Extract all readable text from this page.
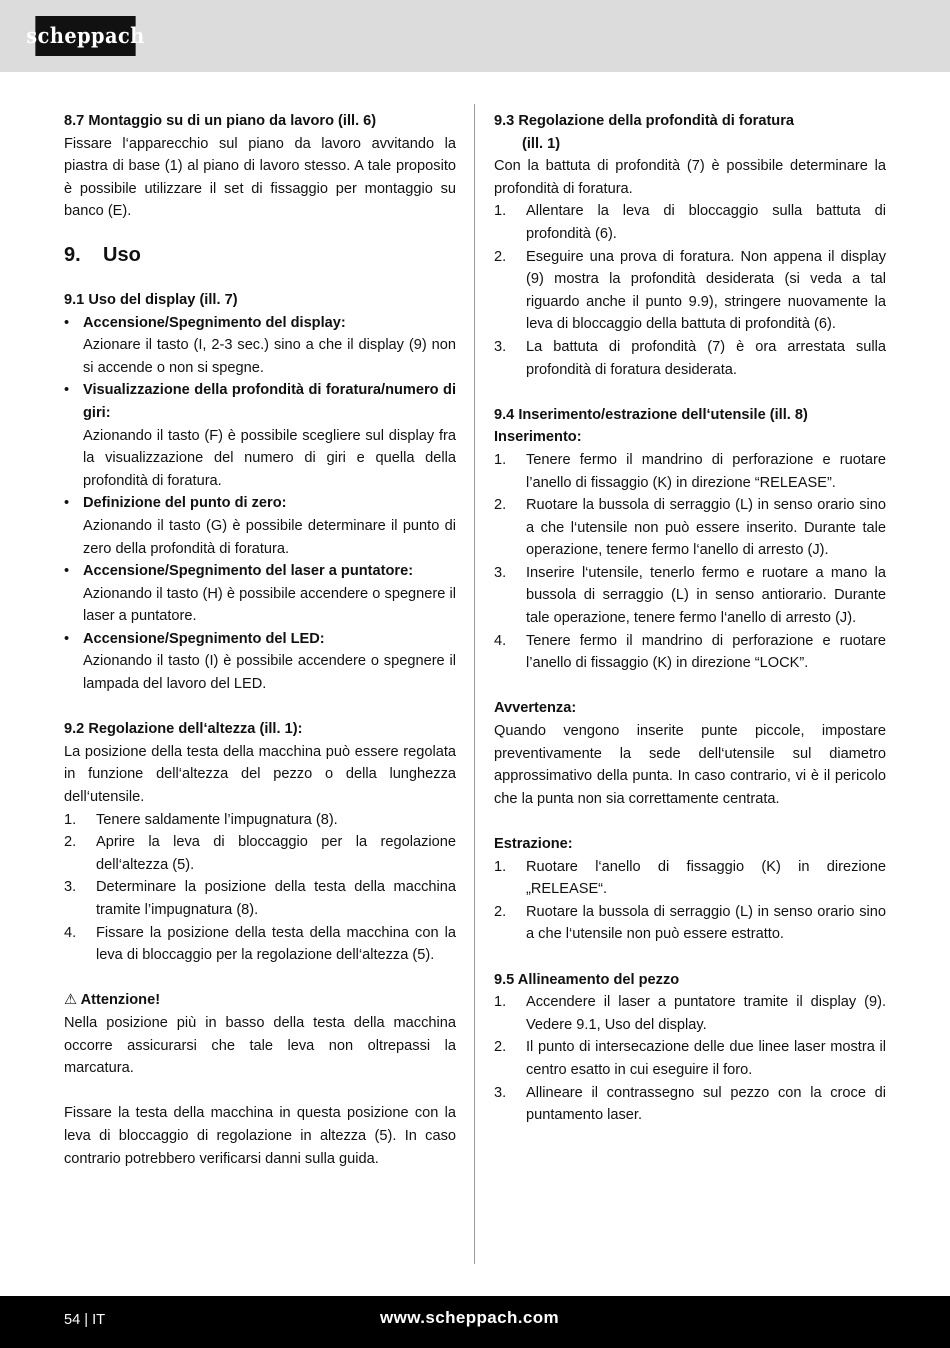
scheppach
8.7 Montaggio su di un piano da lavoro (ill. 6)
Fissare l‘apparecchio sul piano da lavoro avvitando la piastra di base (1) al piano di lavoro stesso. A tale proposito è possibile utilizzare il set di fissaggio per montaggio su banco (E).
9. Uso
9.1 Uso del display (ill. 7)
• Accensione/Spegnimento del display:
Azionare il tasto (I, 2-3 sec.) sino a che il display (9) non si accende o non si spegne.
• Visualizzazione della profondità di foratura/numero di giri:
Azionando il tasto (F) è possibile scegliere sul display fra la visualizzazione del numero di giri e quella della profondità di foratura.
• Definizione del punto di zero:
Azionando il tasto (G) è possibile determinare il punto di zero della profondità di foratura.
• Accensione/Spegnimento del laser a puntatore:
Azionando il tasto (H) è possibile accendere o spegnere il laser a puntatore.
• Accensione/Spegnimento del LED:
Azionando il tasto (I) è possibile accendere o spegnere il lampada del lavoro del LED.
9.2 Regolazione dell‘altezza (ill. 1):
La posizione della testa della macchina può essere regolata in funzione dell‘altezza del pezzo o della lunghezza dell‘utensile.
1. Tenere saldamente l’impugnatura (8).
2. Aprire la leva di bloccaggio per la regolazione dell‘altezza (5).
3. Determinare la posizione della testa della macchina tramite l’impugnatura (8).
4. Fissare la posizione della testa della macchina con la leva di bloccaggio per la regolazione dell‘altezza (5).
⚠ Attenzione!
Nella posizione più in basso della testa della macchina occorre assicurarsi che tale leva non oltrepassi la marcatura.
Fissare la testa della macchina in questa posizione con la leva di bloccaggio di regolazione in altezza (5). In caso contrario potrebbero verificarsi danni sulla guida.
9.3 Regolazione della profondità di foratura
(ill. 1)
Con la battuta di profondità (7) è possibile determinare la profondità di foratura.
1. Allentare la leva di bloccaggio sulla battuta di profondità (6).
2. Eseguire una prova di foratura. Non appena il display (9) mostra la profondità desiderata (si veda a tal riguardo anche il punto 9.9), stringere nuovamente la leva di bloccaggio della battuta di profondità (6).
3. La battuta di profondità (7) è ora arrestata sulla profondità di foratura desiderata.
9.4 Inserimento/estrazione dell‘utensile (ill. 8)
Inserimento:
1. Tenere fermo il mandrino di perforazione e ruotare l’anello di fissaggio (K) in direzione “RELEASE”.
2. Ruotare la bussola di serraggio (L) in senso orario sino a che l‘utensile non può essere inserito. Durante tale operazione, tenere fermo l‘anello di arresto (J).
3. Inserire l‘utensile, tenerlo fermo e ruotare a mano la bussola di serraggio (L) in senso antiorario. Durante tale operazione, tenere fermo l‘anello di arresto (J).
4. Tenere fermo il mandrino di perforazione e ruotare l’anello di fissaggio (K) in direzione “LOCK”.
Avvertenza:
Quando vengono inserite punte piccole, impostare preventivamente la sede dell‘utensile sul diametro approssimativo della punta. In caso contrario, vi è il pericolo che la punta non sia correttamente centrata.
Estrazione:
1. Ruotare l‘anello di fissaggio (K) in direzione „RELEASE“.
2. Ruotare la bussola di serraggio (L) in senso orario sino a che l‘utensile non può essere estratto.
9.5 Allineamento del pezzo
1. Accendere il laser a puntatore tramite il display (9). Vedere 9.1, Uso del display.
2. Il punto di intersecazione delle due linee laser mostra il centro esatto in cui eseguire il foro.
3. Allineare il contrassegno sul pezzo con la croce di puntamento laser.
54 | IT	www.scheppach.com
